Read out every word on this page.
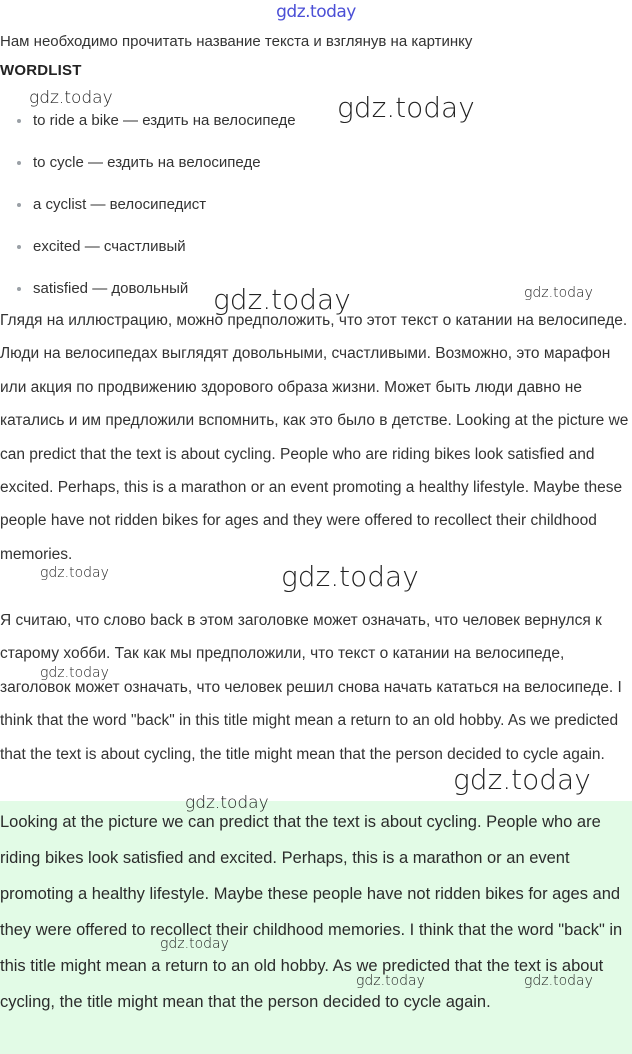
gdz.today
Нам необходимо прочитать название текста и взглянув на картинку
WORDLIST
to ride a bike — ездить на велосипеде
to cycle — ездить на велосипеде
a cyclist — велосипедист
excited — счастливый
satisfied — довольный
Глядя на иллюстрацию, можно предположить, что этот текст о катании на велосипеде. Люди на велосипедах выглядят довольными, счастливыми. Возможно, это марафон или акция по продвижению здорового образа жизни. Может быть люди давно не катались и им предложили вспомнить, как это было в детстве. Looking at the picture we can predict that the text is about cycling. People who are riding bikes look satisfied and excited. Perhaps, this is a marathon or an event promoting a healthy lifestyle. Maybe these people have not ridden bikes for ages and they were offered to recollect their childhood memories.
Я считаю, что слово back в этом заголовке может означать, что человек вернулся к старому хобби. Так как мы предположили, что текст о катании на велосипеде, заголовок может означать, что человек решил снова начать кататься на велосипеде. I think that the word "back" in this title might mean a return to an old hobby. As we predicted that the text is about cycling, the title might mean that the person decided to cycle again.
Looking at the picture we can predict that the text is about cycling. People who are riding bikes look satisfied and excited. Perhaps, this is a marathon or an event promoting a healthy lifestyle. Maybe these people have not ridden bikes for ages and they were offered to recollect their childhood memories. I think that the word "back" in this title might mean a return to an old hobby. As we predicted that the text is about cycling, the title might mean that the person decided to cycle again.
gdz.today	gdz.today
gdz.today	gdz.today
gdz.today	gdz.today
gdz.today
gdz.today
gdz.today
gdz.today
gdz.today	gdz.today
